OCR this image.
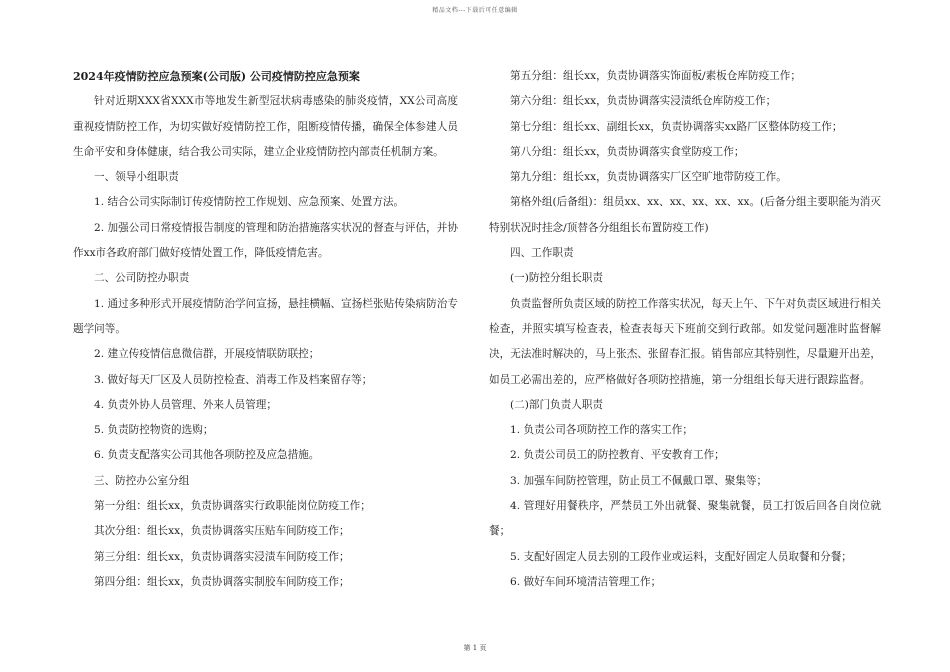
精品文档---下载后可任意编辑

2024年疫情防控应急预案(公司版) 公司疫情防控应急预案

针对近期XXX省XXX市等地发生新型冠状病毒感染的肺炎疫情，XX公司高度重视疫情防控工作，为切实做好疫情防控工作，阻断疫情传播，确保全体参建人员生命平安和身体健康，结合我公司实际，建立企业疫情防控内部责任机制方案。

一、领导小组职责

1. 结合公司实际制订传疫情防控工作规划、应急预案、处置方法。

2. 加强公司日常疫情报告制度的管理和防治措施落实状况的督查与评估，并协作xx市各政府部门做好疫情处置工作，降低疫情危害。

二、公司防控办职责

1. 通过多种形式开展疫情防治学问宣扬，悬挂横幅、宣扬栏张贴传染病防治专题学问等。

2. 建立传疫情信息微信群，开展疫情联防联控；

3. 做好每天厂区及人员防控检查、消毒工作及档案留存等；

4. 负责外协人员管理、外来人员管理；

5. 负责防控物资的选购；

6. 负责支配落实公司其他各项防控及应急措施。

三、防控办公室分组

第一分组：组长xx，负责协调落实行政职能岗位防疫工作；

其次分组：组长xx，负责协调落实压贴车间防疫工作；

第三分组：组长xx，负责协调落实浸渍车间防疫工作；

第四分组：组长xx，负责协调落实制胶车间防疫工作；

第五分组：组长xx，负责协调落实饰面板/素板仓库防疫工作；

第六分组：组长xx，负责协调落实浸渍纸仓库防疫工作；

第七分组：组长xx、副组长xx，负责协调落实xx路厂区整体防疫工作；

第八分组：组长xx，负责协调落实食堂防疫工作；

第九分组：组长xx，负责协调落实厂区空旷地带防疫工作。

第格外组(后备组)：组员xx、xx、xx、xx、xx、xx。(后备分组主要职能为消灭特别状况时挂念/顶替各分组组长布置防疫工作)

四、工作职责

(一)防控分组长职责

负责监督所负责区域的防控工作落实状况，每天上午、下午对负责区域进行相关检查，并照实填写检查表，检查表每天下班前交到行政部。如发觉问题准时监督解决，无法准时解决的，马上张杰、张留春汇报。销售部应其特别性，尽量避开出差，如员工必需出差的，应严格做好各项防控措施，第一分组组长每天进行跟踪监督。

(二)部门负责人职责

1. 负责公司各项防控工作的落实工作；

2. 负责公司员工的防控教育、平安教育工作；

3. 加强车间防控管理，防止员工不佩戴口罩、聚集等；

4. 管理好用餐秩序，严禁员工外出就餐、聚集就餐，员工打饭后回各自岗位就餐；

5. 支配好固定人员去别的工段作业或运料，支配好固定人员取餐和分餐；

6. 做好车间环境清洁管理工作；

第 1 页
